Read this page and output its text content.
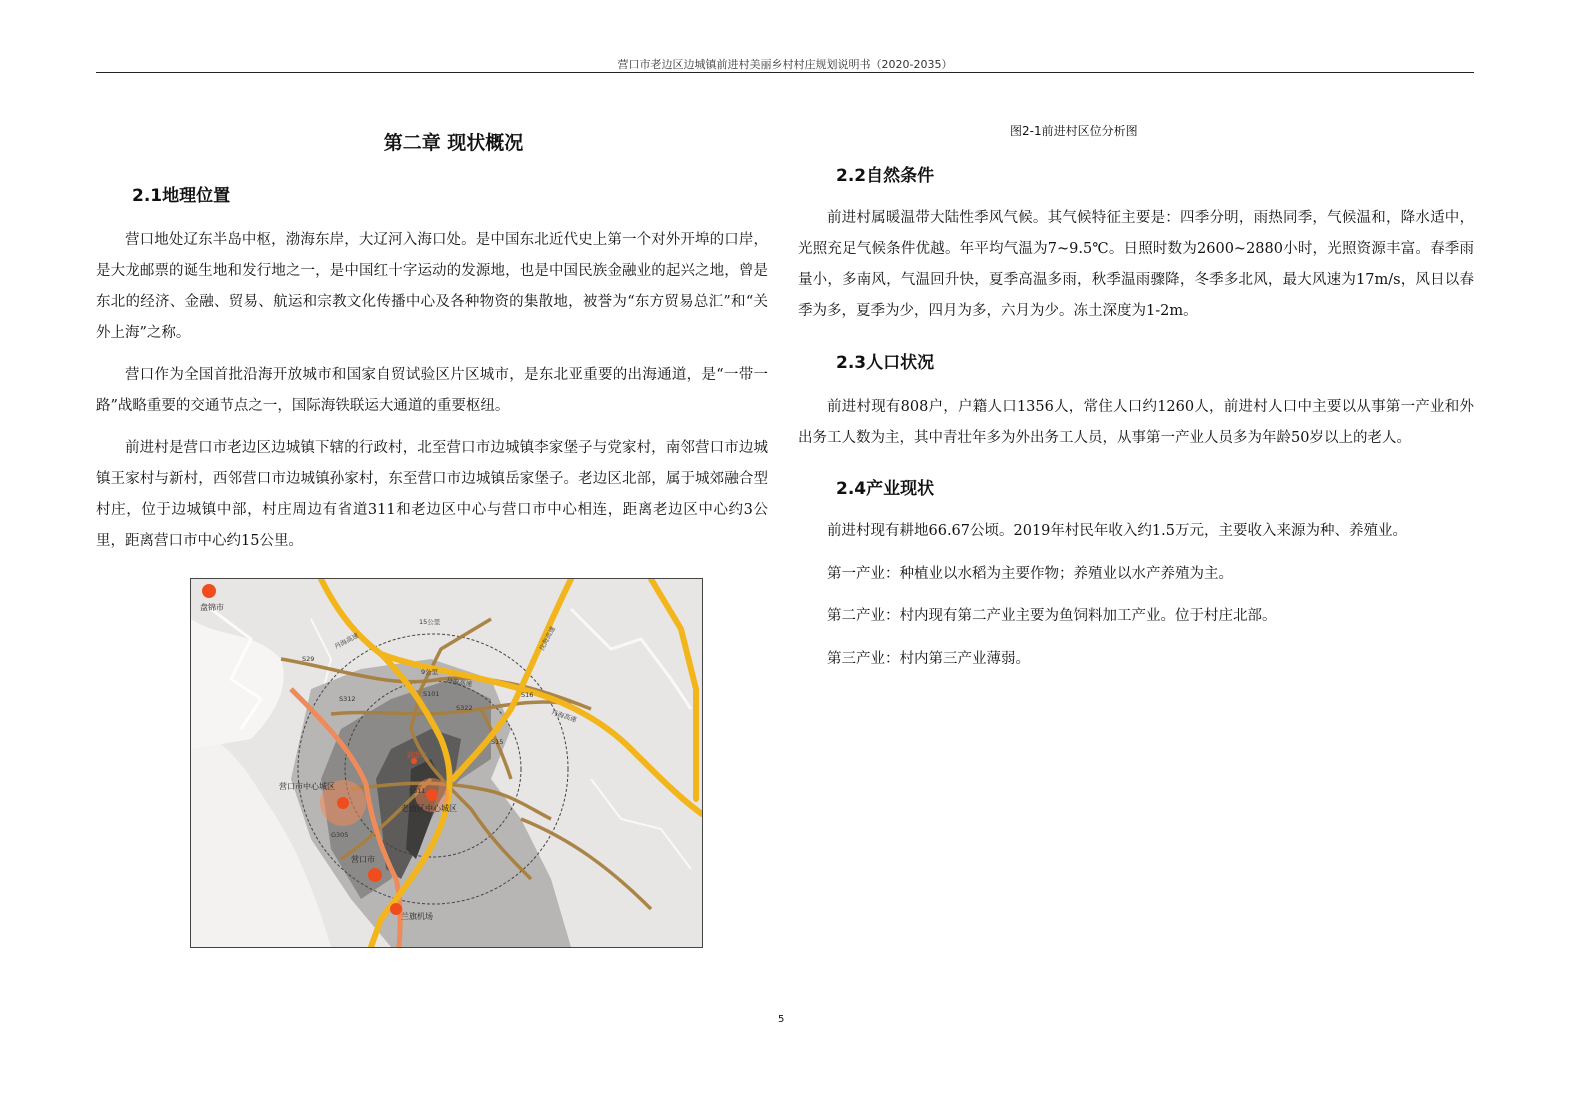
营口市老边区边城镇前进村美丽乡村村庄规划说明书（2020-2035）
第二章 现状概况
2.1地理位置

营口地处辽东半岛中枢，渤海东岸，大辽河入海口处。是中国东北近代史上第一个对外开埠的口岸，是大龙邮票的诞生地和发行地之一，是中国红十字运动的发源地，也是中国民族金融业的起兴之地，曾是东北的经济、金融、贸易、航运和宗教文化传播中心及各种物资的集散地，被誉为“东方贸易总汇”和“关外上海”之称。

营口作为全国首批沿海开放城市和国家自贸试验区片区城市，是东北亚重要的出海通道，是“一带一路”战略重要的交通节点之一，国际海铁联运大通道的重要枢纽。

前进村是营口市老边区边城镇下辖的行政村，北至营口市边城镇李家堡子与党家村，南邻营口市边城镇王家村与新村，西邻营口市边城镇孙家村，东至营口市边城镇岳家堡子。老边区北部，属于城郊融合型村庄，位于边城镇中部，村庄周边有省道311和老边区中心与营口市中心相连，距离老边区中心约3公里，距离营口市中心约15公里。

盘锦市
15公里
9公里
丹海高速
丹海高速
丹海高速
沈海高速
S29
S312
S101
S322
S16
S15
S311
G305
营口市中心城区
老边区中心城区
营口市
兰旗机场
前进村
图2-1前进村区位分析图
2.2自然条件

前进村属暖温带大陆性季风气候。其气候特征主要是：四季分明，雨热同季，气候温和，降水适中，光照充足气候条件优越。年平均气温为7~9.5℃。日照时数为2600~2880小时，光照资源丰富。春季雨量小，多南风，气温回升快，夏季高温多雨，秋季温雨骤降，冬季多北风，最大风速为17m/s，风日以春季为多，夏季为少，四月为多，六月为少。冻土深度为1-2m。

2.3人口状况

前进村现有808户，户籍人口1356人，常住人口约1260人，前进村人口中主要以从事第一产业和外出务工人数为主，其中青壮年多为外出务工人员，从事第一产业人员多为年龄50岁以上的老人。

2.4产业现状

前进村现有耕地66.67公顷。2019年村民年收入约1.5万元，主要收入来源为种、养殖业。

第一产业：种植业以水稻为主要作物；养殖业以水产养殖为主。

第二产业：村内现有第二产业主要为鱼饲料加工产业。位于村庄北部。

第三产业：村内第三产业薄弱。

5
